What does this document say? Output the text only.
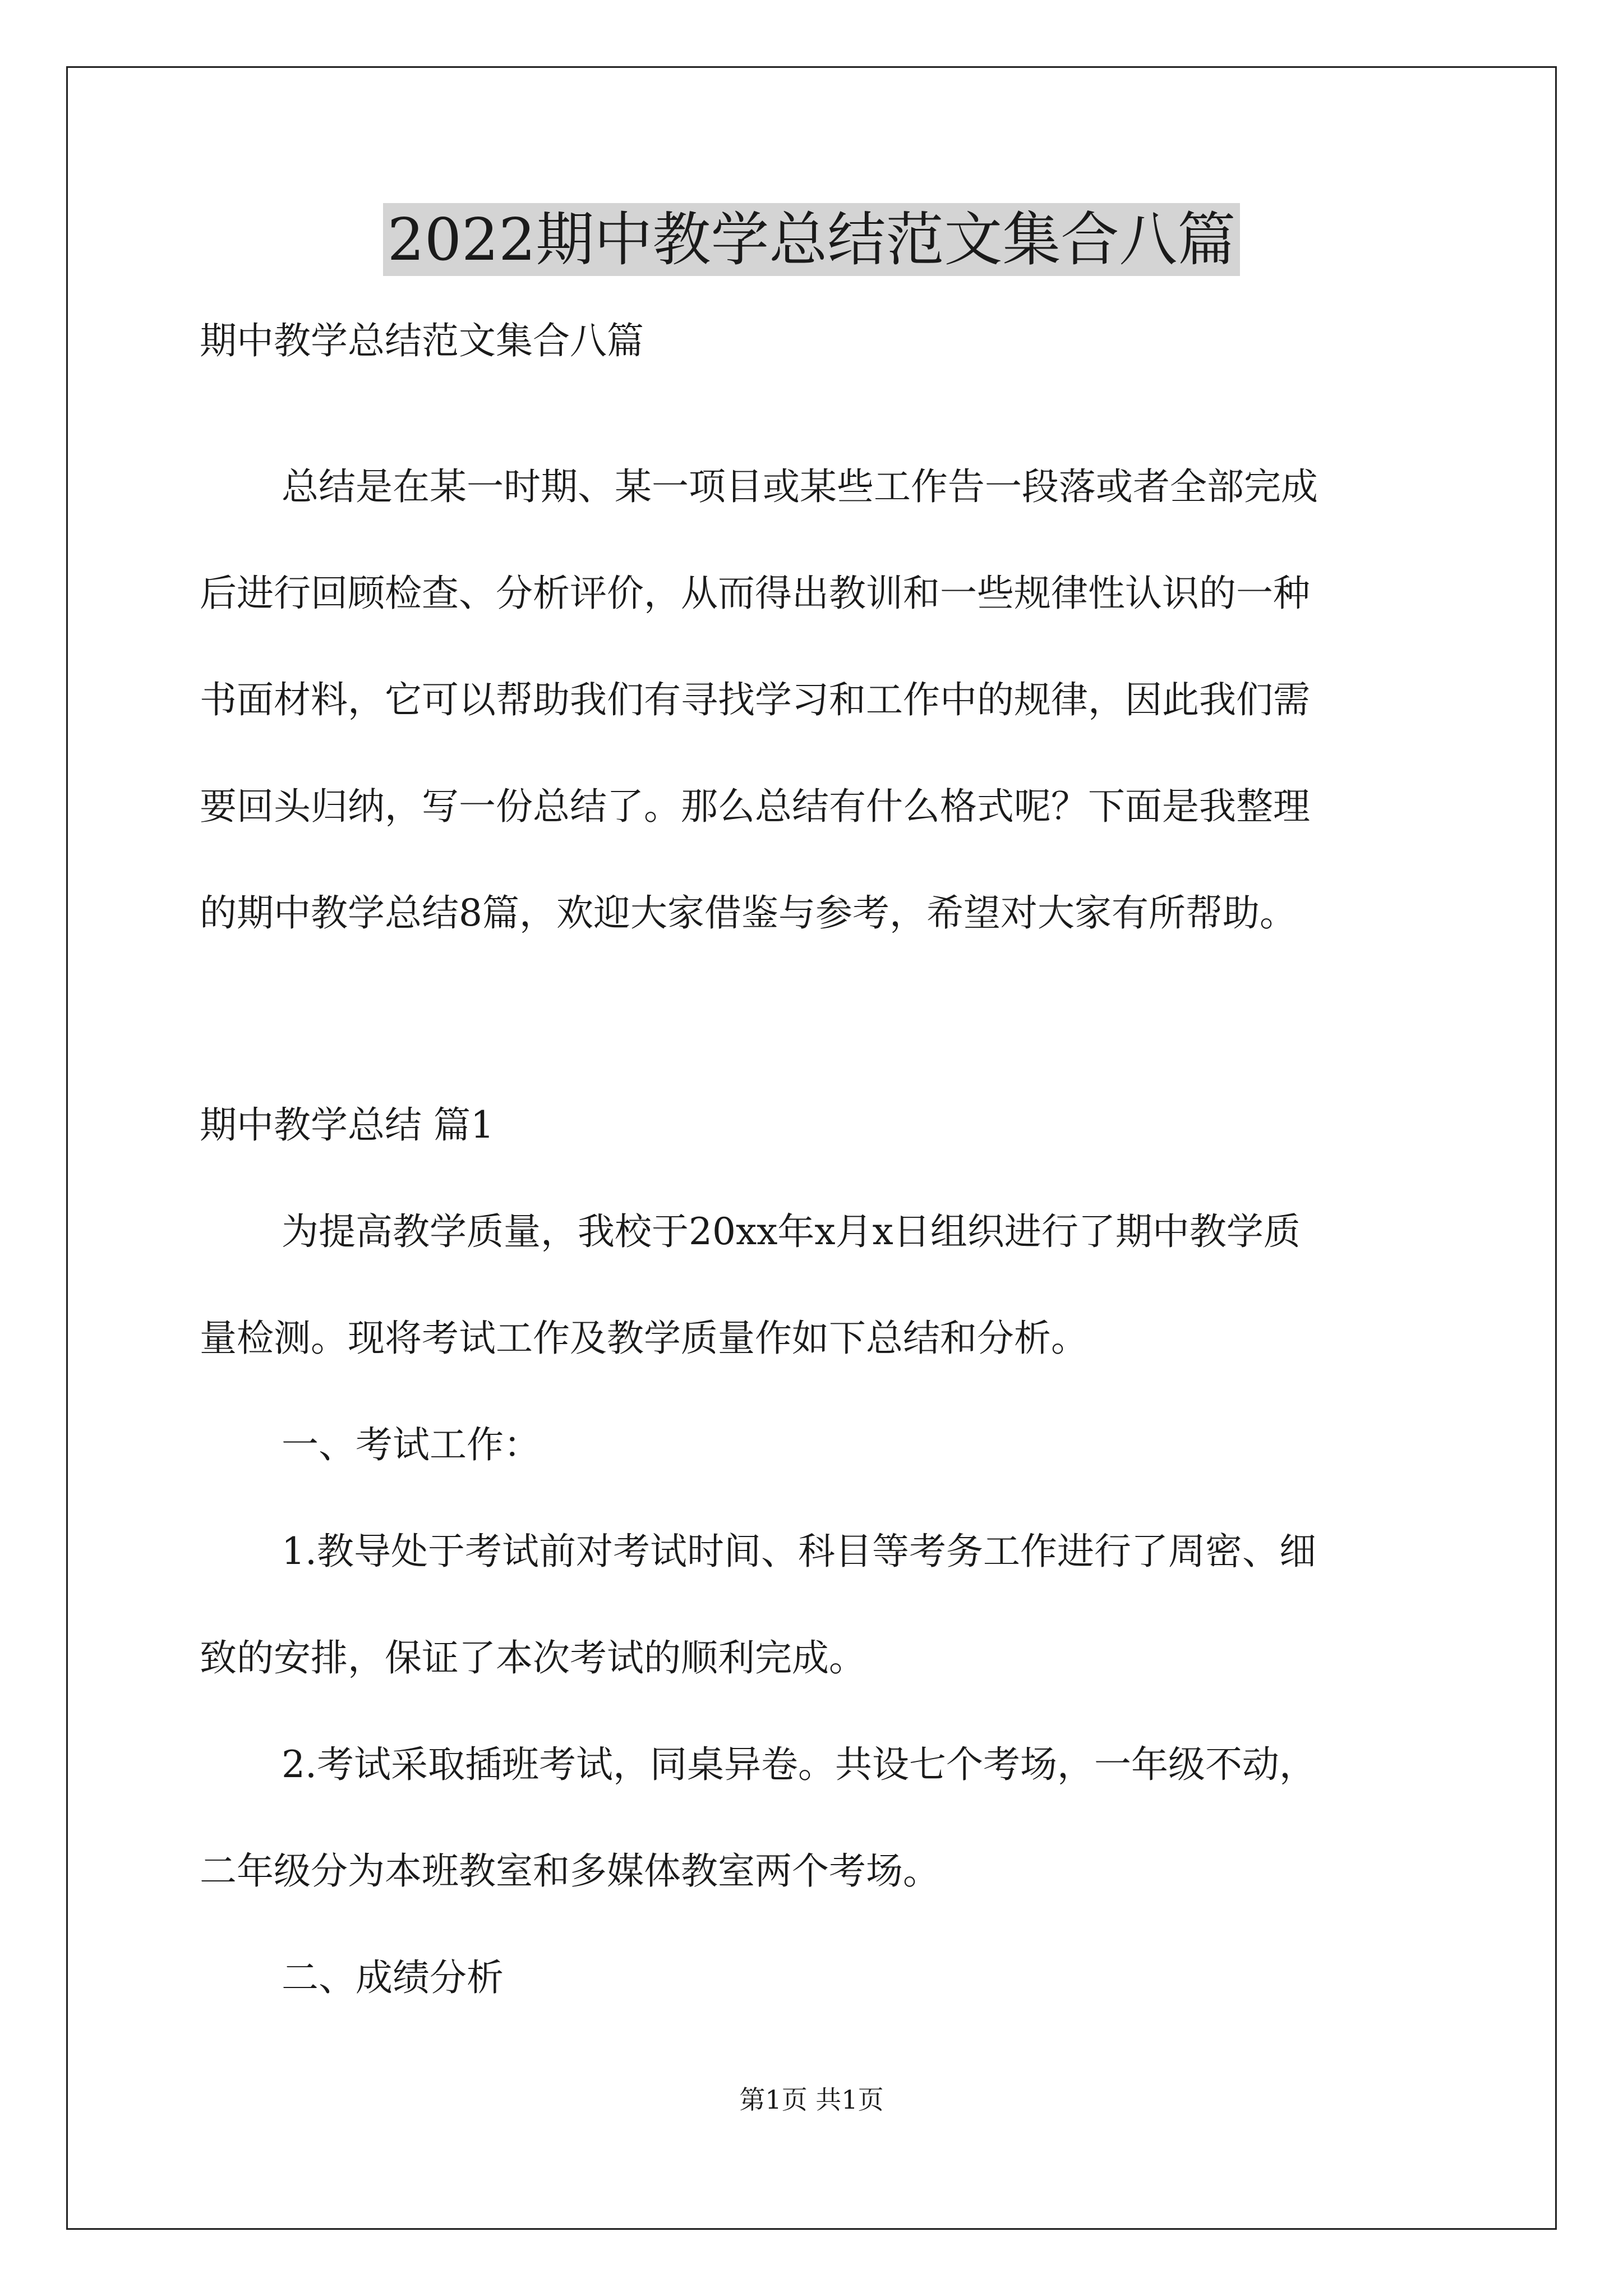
2022期中教学总结范文集合八篇
期中教学总结范文集合八篇
总结是在某一时期、某一项目或某些工作告一段落或者全部完成
后进行回顾检查、分析评价，从而得出教训和一些规律性认识的一种
书面材料，它可以帮助我们有寻找学习和工作中的规律，因此我们需
要回头归纳，写一份总结了。那么总结有什么格式呢？下面是我整理
的期中教学总结8篇，欢迎大家借鉴与参考，希望对大家有所帮助。
期中教学总结 篇1
为提高教学质量，我校于20xx年x月x日组织进行了期中教学质
量检测。现将考试工作及教学质量作如下总结和分析。
一、考试工作：
1.教导处于考试前对考试时间、科目等考务工作进行了周密、细
致的安排，保证了本次考试的顺利完成。
2.考试采取插班考试，同桌异卷。共设七个考场，一年级不动，
二年级分为本班教室和多媒体教室两个考场。
二、成绩分析
第1页 共1页
